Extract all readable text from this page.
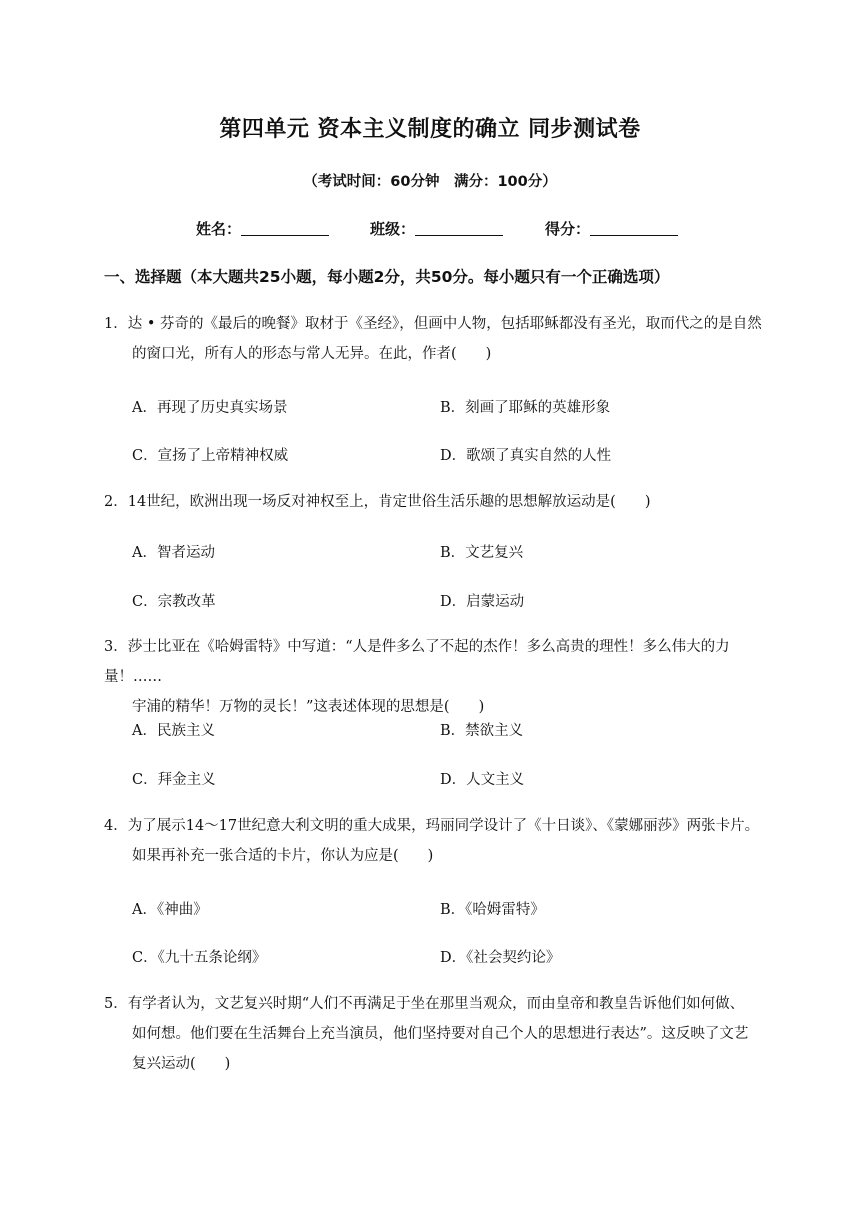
第四单元 资本主义制度的确立 同步测试卷
（考试时间：60分钟　满分：100分）
姓名：	班级：	得分：
一、选择题（本大题共25小题，每小题2分，共50分。每小题只有一个正确选项）
1．达 • 芬奇的《最后的晚餐》取材于《圣经》，但画中人物，包括耶稣都没有圣光，取而代之的是自然
的窗口光，所有人的形态与常人无异。在此，作者(　　)
A．再现了历史真实场景	B．刻画了耶稣的英雄形象
C．宣扬了上帝精神权威	D．歌颂了真实自然的人性
2．14世纪，欧洲出现一场反对神权至上，肯定世俗生活乐趣的思想解放运动是(　　)
A．智者运动	B．文艺复兴
C．宗教改革	D．启蒙运动
3．莎士比亚在《哈姆雷特》中写道：“人是件多么了不起的杰作！多么高贵的理性！多么伟大的力量！……
宇浦的精华！万物的灵长！”这表述体现的思想是(　　)
A．民族主义	B．禁欲主义
C．拜金主义	D．人文主义
4．为了展示14～17世纪意大利文明的重大成果，玛丽同学设计了《十日谈》、《蒙娜丽莎》两张卡片。
如果再补充一张合适的卡片，你认为应是(　　)
A．《神曲》	B．《哈姆雷特》
C．《九十五条论纲》	D．《社会契约论》
5．有学者认为，文艺复兴时期“人们不再满足于坐在那里当观众，而由皇帝和教皇告诉他们如何做、
如何想。他们要在生活舞台上充当演员，他们坚持要对自己个人的思想进行表达”。这反映了文艺
复兴运动(　　)
